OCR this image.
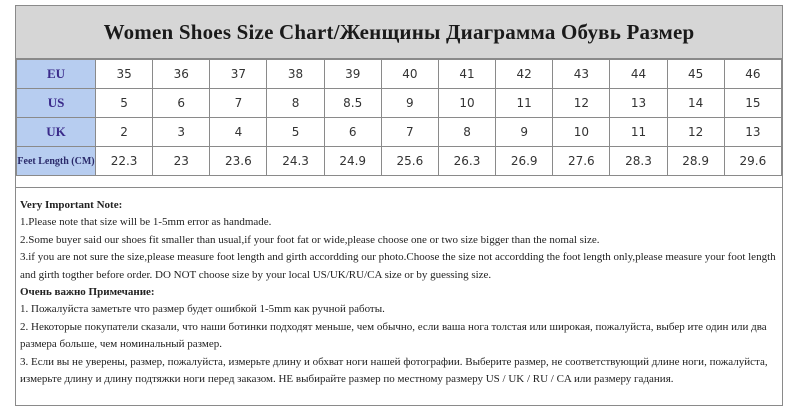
Women Shoes Size Chart/Женщины Диаграмма Обувь Размер
EU	35	36	37	38	39	40	41	42	43	44	45	46
US	5	6	7	8	8.5	9	10	11	12	13	14	15
UK	2	3	4	5	6	7	8	9	10	11	12	13
Feet Length (CM)	22.3	23	23.6	24.3	24.9	25.6	26.3	26.9	27.6	28.3	28.9	29.6

Very Important Note:

1.Please note that size will be 1-5mm error as handmade.

2.Some buyer said our shoes fit smaller than usual,if your foot fat or wide,please choose one or two size bigger than the nomal size.

3.if you are not sure the size,please measure foot length and girth accordding our photo.Choose the size not accordding the foot length only,please measure your foot length and girth togther before order. DO NOT choose size by your local US/UK/RU/CA size or by guessing size.

Очень важно Примечание:

1. Пожалуйста заметьте что размер будет ошибкой 1-5mm как ручной работы.

2. Некоторые покупатели сказали, что наши ботинки подходят меньше, чем обычно, если ваша нога толстая или широкая, пожалуйста, выбер ите один или два размера больше, чем номинальный размер.

3. Если вы не уверены, размер, пожалуйста, измерьте длину и обхват ноги нашей фотографии. Выберите размер, не соответствующий длине ноги, пожалуйста, измерьте длину и длину подтяжки ноги перед заказом. НЕ выбирайте размер по местному размеру US / UK / RU / CA или размеру гадания.
